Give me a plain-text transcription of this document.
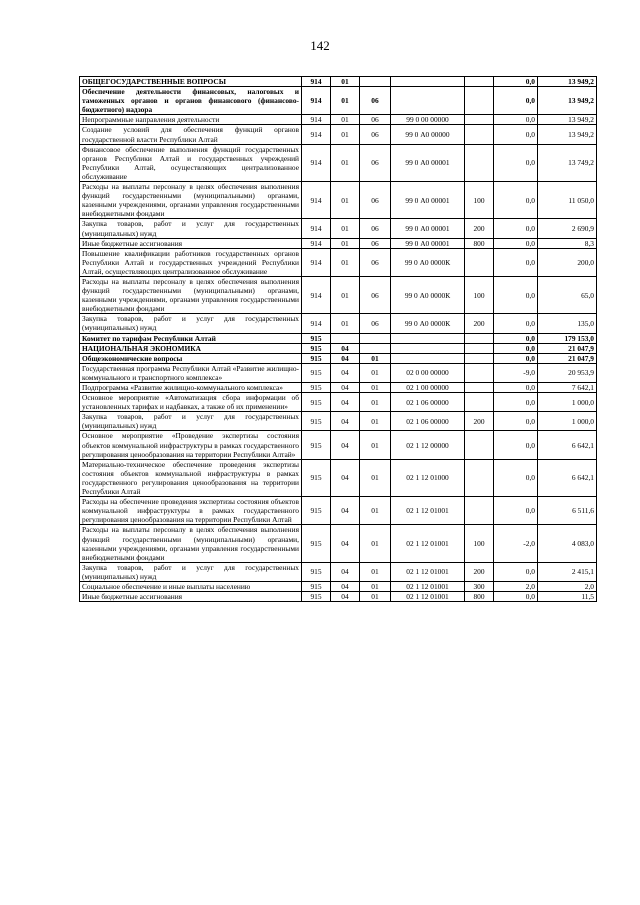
142
ОБЩЕГОСУДАРСТВЕННЫЕ ВОПРОСЫ	914	01				0,0	13 949,2
Обеспечение деятельности финансовых, налоговых и таможенных органов и органов финансового (финансово-бюджетного) надзора	914	01	06			0,0	13 949,2
Непрограммные направления деятельности	914	01	06	99 0 00 00000		0,0	13 949,2
Создание условий для обеспечения функций органов государственной власти Республики Алтай	914	01	06	99 0 А0 00000		0,0	13 949,2
Финансовое обеспечение выполнения функций государственных органов Республики Алтай и государственных учреждений Республики Алтай, осуществляющих централизованное обслуживание	914	01	06	99 0 А0 00001		0,0	13 749,2
Расходы на выплаты персоналу в целях обеспечения выполнения функций государственными (муниципальными) органами, казенными учреждениями, органами управления государственными внебюджетными фондами	914	01	06	99 0 А0 00001	100	0,0	11 050,0
Закупка товаров, работ и услуг для государственных (муниципальных) нужд	914	01	06	99 0 А0 00001	200	0,0	2 690,9
Иные бюджетные ассигнования	914	01	06	99 0 А0 00001	800	0,0	8,3
Повышение квалификации работников государственных органов Республики Алтай и государственных учреждений Республики Алтай, осуществляющих централизованное обслуживание	914	01	06	99 0 А0 0000К		0,0	200,0
Расходы на выплаты персоналу в целях обеспечения выполнения функций государственными (муниципальными) органами, казенными учреждениями, органами управления государственными внебюджетными фондами	914	01	06	99 0 А0 0000К	100	0,0	65,0
Закупка товаров, работ и услуг для государственных (муниципальных) нужд	914	01	06	99 0 А0 0000К	200	0,0	135,0
Комитет по тарифам Республики Алтай	915					0,0	179 153,0
НАЦИОНАЛЬНАЯ ЭКОНОМИКА	915	04				0,0	21 047,9
Общеэкономические вопросы	915	04	01			0,0	21 047,9
Государственная программа Республики Алтай «Развитие жилищно-коммунального и транспортного комплекса»	915	04	01	02 0 00 00000		-9,0	20 953,9
Подпрограмма «Развитие жилищно-коммунального комплекса»	915	04	01	02 1 00 00000		0,0	7 642,1
Основное мероприятие «Автоматизация сбора информации об установленных тарифах и надбавках, а также об их применении»	915	04	01	02 1 06 00000		0,0	1 000,0
Закупка товаров, работ и услуг для государственных (муниципальных) нужд	915	04	01	02 1 06 00000	200	0,0	1 000,0
Основное мероприятие «Проведение экспертизы состояния объектов коммунальной инфраструктуры в рамках государственного регулирования ценообразования на территории Республики Алтай»	915	04	01	02 1 12 00000		0,0	6 642,1
Материально-техническое обеспечение проведения экспертизы состояния объектов коммунальной инфраструктуры в рамках государственного регулирования ценообразования на территории Республики Алтай	915	04	01	02 1 12 01000		0,0	6 642,1
Расходы на обеспечение проведения экспертизы состояния объектов коммунальной инфраструктуры в рамках государственного регулирования ценообразования на территории Республики Алтай	915	04	01	02 1 12 01001		0,0	6 511,6
Расходы на выплаты персоналу в целях обеспечения выполнения функций государственными (муниципальными) органами, казенными учреждениями, органами управления государственными внебюджетными фондами	915	04	01	02 1 12 01001	100	-2,0	4 083,0
Закупка товаров, работ и услуг для государственных (муниципальных) нужд	915	04	01	02 1 12 01001	200	0,0	2 415,1
Социальное обеспечение и иные выплаты населению	915	04	01	02 1 12 01001	300	2,0	2,0
Иные бюджетные ассигнования	915	04	01	02 1 12 01001	800	0,0	11,5
